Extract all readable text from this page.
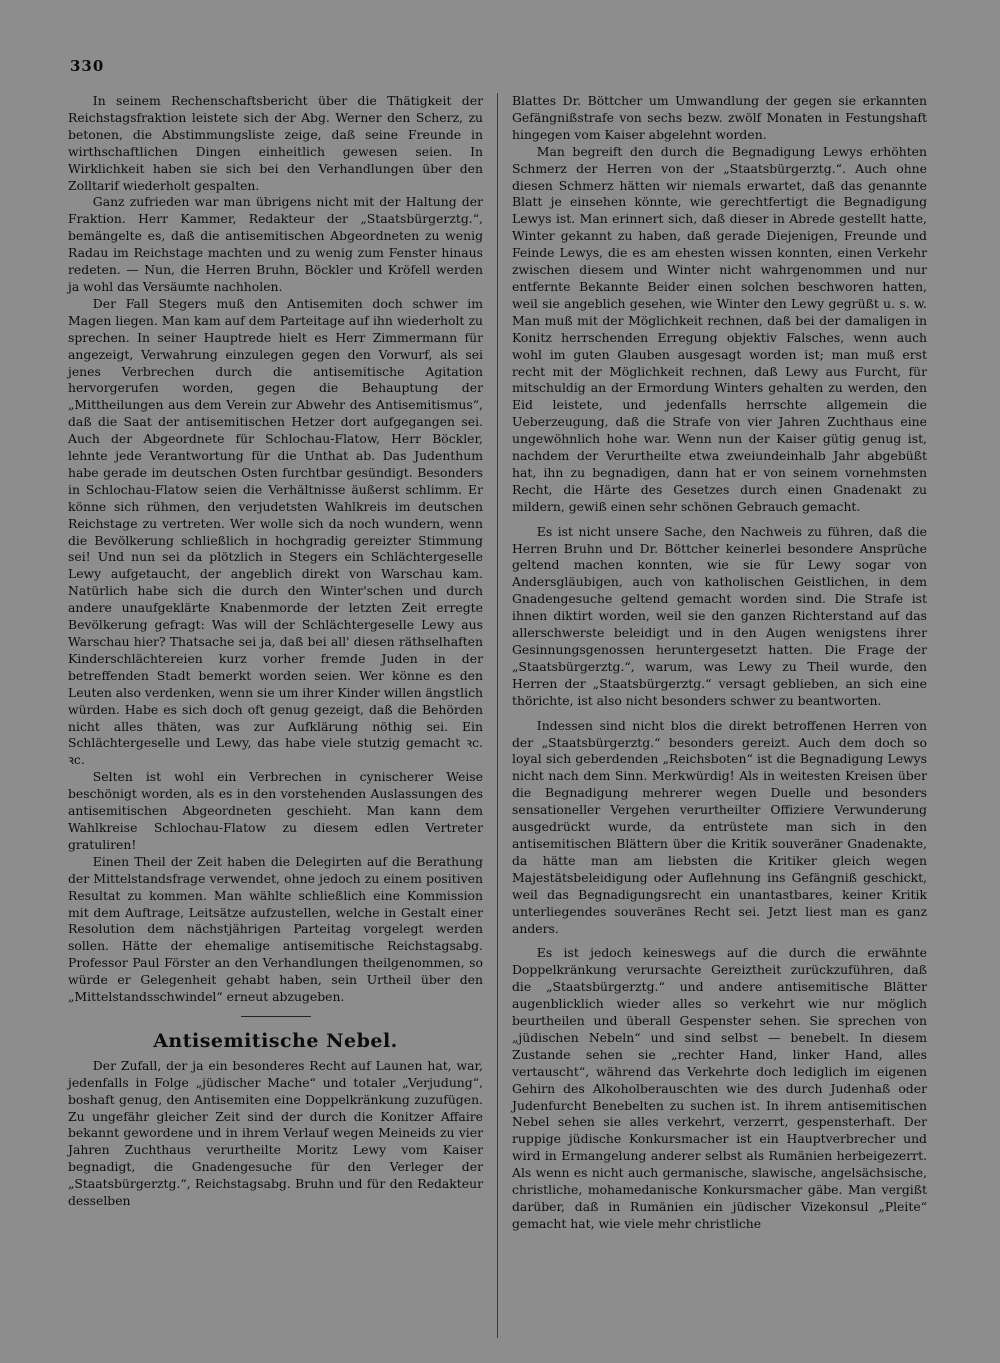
330

In seinem Rechenschaftsbericht über die Thätigkeit der Reichstagsfraktion leistete sich der Abg. Werner den Scherz, zu betonen, die Abstimmungsliste zeige, daß seine Freunde in wirthschaftlichen Dingen einheitlich gewesen seien. In Wirklichkeit haben sie sich bei den Verhandlungen über den Zolltarif wiederholt gespalten.

Ganz zufrieden war man übrigens nicht mit der Haltung der Fraktion. Herr Kammer, Redakteur der „Staatsbürgerztg.“, bemängelte es, daß die antisemitischen Abgeordneten zu wenig Radau im Reichstage machten und zu wenig zum Fenster hinaus redeten. — Nun, die Herren Bruhn, Böckler und Kröfell werden ja wohl das Versäumte nachholen.

Der Fall Stegers muß den Antisemiten doch schwer im Magen liegen. Man kam auf dem Parteitage auf ihn wiederholt zu sprechen. In seiner Hauptrede hielt es Herr Zimmermann für angezeigt, Verwahrung einzulegen gegen den Vorwurf, als sei jenes Verbrechen durch die antisemitische Agitation hervorgerufen worden, gegen die Behauptung der „Mittheilungen aus dem Verein zur Abwehr des Antisemitismus“, daß die Saat der antisemitischen Hetzer dort aufgegangen sei. Auch der Abgeordnete für Schlochau-Flatow, Herr Böckler, lehnte jede Verantwortung für die Unthat ab. Das Judenthum habe gerade im deutschen Osten furchtbar gesündigt. Besonders in Schlochau-Flatow seien die Verhältnisse äußerst schlimm. Er könne sich rühmen, den verjudetsten Wahlkreis im deutschen Reichstage zu vertreten. Wer wolle sich da noch wundern, wenn die Bevölkerung schließlich in hochgradig gereizter Stimmung sei! Und nun sei da plötzlich in Stegers ein Schlächtergeselle Lewy aufgetaucht, der angeblich direkt von Warschau kam. Natürlich habe sich die durch den Winter'schen und durch andere unaufgeklärte Knabenmorde der letzten Zeit erregte Bevölkerung gefragt: Was will der Schlächtergeselle Lewy aus Warschau hier? Thatsache sei ja, daß bei all' diesen räthselhaften Kinderschlächtereien kurz vorher fremde Juden in der betreffenden Stadt bemerkt worden seien. Wer könne es den Leuten also verdenken, wenn sie um ihrer Kinder willen ängstlich würden. Habe es sich doch oft genug gezeigt, daß die Behörden nicht alles thäten, was zur Aufklärung nöthig sei. Ein Schlächtergeselle und Lewy, das habe viele stutzig gemacht ꝛc. ꝛc.

Selten ist wohl ein Verbrechen in cynischerer Weise beschönigt worden, als es in den vorstehenden Auslassungen des antisemitischen Abgeordneten geschieht. Man kann dem Wahlkreise Schlochau-Flatow zu diesem edlen Vertreter gratuliren!

Einen Theil der Zeit haben die Delegirten auf die Berathung der Mittelstandsfrage verwendet, ohne jedoch zu einem positiven Resultat zu kommen. Man wählte schließlich eine Kommission mit dem Auftrage, Leitsätze aufzustellen, welche in Gestalt einer Resolution dem nächstjährigen Parteitag vorgelegt werden sollen. Hätte der ehemalige antisemitische Reichstagsabg. Professor Paul Förster an den Verhandlungen theilgenommen, so würde er Gelegenheit gehabt haben, sein Urtheil über den „Mittelstandsschwindel“ erneut abzugeben.

Antisemitische Nebel.

Der Zufall, der ja ein besonderes Recht auf Launen hat, war, jedenfalls in Folge „jüdischer Mache“ und totaler „Verjudung“, boshaft genug, den Antisemiten eine Doppelkränkung zuzufügen. Zu ungefähr gleicher Zeit sind der durch die Konitzer Affaire bekannt gewordene und in ihrem Verlauf wegen Meineids zu vier Jahren Zuchthaus verurtheilte Moritz Lewy vom Kaiser begnadigt, die Gnadengesuche für den Verleger der „Staatsbürgerztg.“, Reichstagsabg. Bruhn und für den Redakteur desselben

Blattes Dr. Böttcher um Umwandlung der gegen sie erkannten Gefängnißstrafe von sechs bezw. zwölf Monaten in Festungshaft hingegen vom Kaiser abgelehnt worden.

Man begreift den durch die Begnadigung Lewys erhöhten Schmerz der Herren von der „Staatsbürgerztg.“. Auch ohne diesen Schmerz hätten wir niemals erwartet, daß das genannte Blatt je einsehen könnte, wie gerechtfertigt die Begnadigung Lewys ist. Man erinnert sich, daß dieser in Abrede gestellt hatte, Winter gekannt zu haben, daß gerade Diejenigen, Freunde und Feinde Lewys, die es am ehesten wissen konnten, einen Verkehr zwischen diesem und Winter nicht wahrgenommen und nur entfernte Bekannte Beider einen solchen beschworen hatten, weil sie angeblich gesehen, wie Winter den Lewy gegrüßt u. s. w. Man muß mit der Möglichkeit rechnen, daß bei der damaligen in Konitz herrschenden Erregung objektiv Falsches, wenn auch wohl im guten Glauben ausgesagt worden ist; man muß erst recht mit der Möglichkeit rechnen, daß Lewy aus Furcht, für mitschuldig an der Ermordung Winters gehalten zu werden, den Eid leistete, und jedenfalls herrschte allgemein die Ueberzeugung, daß die Strafe von vier Jahren Zuchthaus eine ungewöhnlich hohe war. Wenn nun der Kaiser gütig genug ist, nachdem der Verurtheilte etwa zweiundeinhalb Jahr abgebüßt hat, ihn zu begnadigen, dann hat er von seinem vornehmsten Recht, die Härte des Gesetzes durch einen Gnadenakt zu mildern, gewiß einen sehr schönen Gebrauch gemacht.

Es ist nicht unsere Sache, den Nachweis zu führen, daß die Herren Bruhn und Dr. Böttcher keinerlei besondere Ansprüche geltend machen konnten, wie sie für Lewy sogar von Andersgläubigen, auch von katholischen Geistlichen, in dem Gnadengesuche geltend gemacht worden sind. Die Strafe ist ihnen diktirt worden, weil sie den ganzen Richterstand auf das allerschwerste beleidigt und in den Augen wenigstens ihrer Gesinnungsgenossen heruntergesetzt hatten. Die Frage der „Staatsbürgerztg.“, warum, was Lewy zu Theil wurde, den Herren der „Staatsbürgerztg.“ versagt geblieben, an sich eine thörichte, ist also nicht besonders schwer zu beantworten.

Indessen sind nicht blos die direkt betroffenen Herren von der „Staatsbürgerztg.“ besonders gereizt. Auch dem doch so loyal sich geberdenden „Reichsboten“ ist die Begnadigung Lewys nicht nach dem Sinn. Merkwürdig! Als in weitesten Kreisen über die Begnadigung mehrerer wegen Duelle und besonders sensationeller Vergehen verurtheilter Offiziere Verwunderung ausgedrückt wurde, da entrüstete man sich in den antisemitischen Blättern über die Kritik souveräner Gnadenakte, da hätte man am liebsten die Kritiker gleich wegen Majestätsbeleidigung oder Auflehnung ins Gefängniß geschickt, weil das Begnadigungsrecht ein unantastbares, keiner Kritik unterliegendes souveränes Recht sei. Jetzt liest man es ganz anders.

Es ist jedoch keineswegs auf die durch die erwähnte Doppelkränkung verursachte Gereiztheit zurückzuführen, daß die „Staatsbürgerztg.“ und andere antisemitische Blätter augenblicklich wieder alles so verkehrt wie nur möglich beurtheilen und überall Gespenster sehen. Sie sprechen von „jüdischen Nebeln“ und sind selbst — benebelt. In diesem Zustande sehen sie „rechter Hand, linker Hand, alles vertauscht“, während das Verkehrte doch lediglich im eigenen Gehirn des Alkoholberauschten wie des durch Judenhaß oder Judenfurcht Benebelten zu suchen ist. In ihrem antisemitischen Nebel sehen sie alles verkehrt, verzerrt, gespensterhaft. Der ruppige jüdische Konkursmacher ist ein Hauptverbrecher und wird in Ermangelung anderer selbst als Rumänien herbeigezerrt. Als wenn es nicht auch germanische, slawische, angelsächsische, christliche, mohamedanische Konkursmacher gäbe. Man vergißt darüber, daß in Rumänien ein jüdischer Vizekonsul „Pleite“ gemacht hat, wie viele mehr christliche
